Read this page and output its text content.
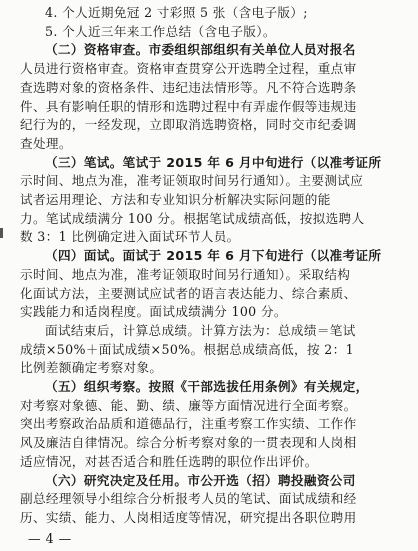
4. 个人近期免冠 2 寸彩照 5 张（含电子版）;
5. 个人近三年来工作总结（含电子版）。
（二）资格审查。市委组织部组织有关单位人员对报名
人员进行资格审查。资格审查贯穿公开选聘全过程，重点审
查选聘对象的资格条件、违纪违法情形等。凡不符合选聘条
件、具有影响任职的情形和选聘过程中有弄虚作假等违规违
纪行为的，一经发现，立即取消选聘资格，同时交市纪委调
查处理。
（三）笔试。笔试于 2015 年 6 月中旬进行（以准考证所
示时间、地点为准，准考证领取时间另行通知）。主要测试应
试者运用理论、方法和专业知识分析解决实际问题的能
力。笔试成绩满分 100 分。根据笔试成绩高低，按拟选聘人
数 3：1 比例确定进入面试环节人员。
（四）面试。面试于 2015 年 6 月下旬进行（以准考证所
示时间、地点为准，准考证领取时间另行通知）。采取结构
化面试方法，主要测试应试者的语言表达能力、综合素质、
实践能力和适岗程度。面试成绩满分 100 分。
面试结束后，计算总成绩。计算方法为：总成绩＝笔试
成绩×50%＋面试成绩×50%。根据总成绩高低，按 2：1
比例差额确定考察对象。
（五）组织考察。按照《干部选拔任用条例》有关规定，
对考察对象德、能、勤、绩、廉等方面情况进行全面考察。
突出考察政治品质和道德品行，注重考察工作实绩、工作作
风及廉洁自律情况。综合分析考察对象的一贯表现和人岗相
适应情况，对甚否适合和胜任选聘的职位作出评价。
（六）研究决定及任用。市公开选（招）聘投融资公司
副总经理领导小组综合分析报考人员的笔试、面试成绩和经
历、实绩、能力、人岗相适度等情况，研究提出各职位聘用
— 4 —
